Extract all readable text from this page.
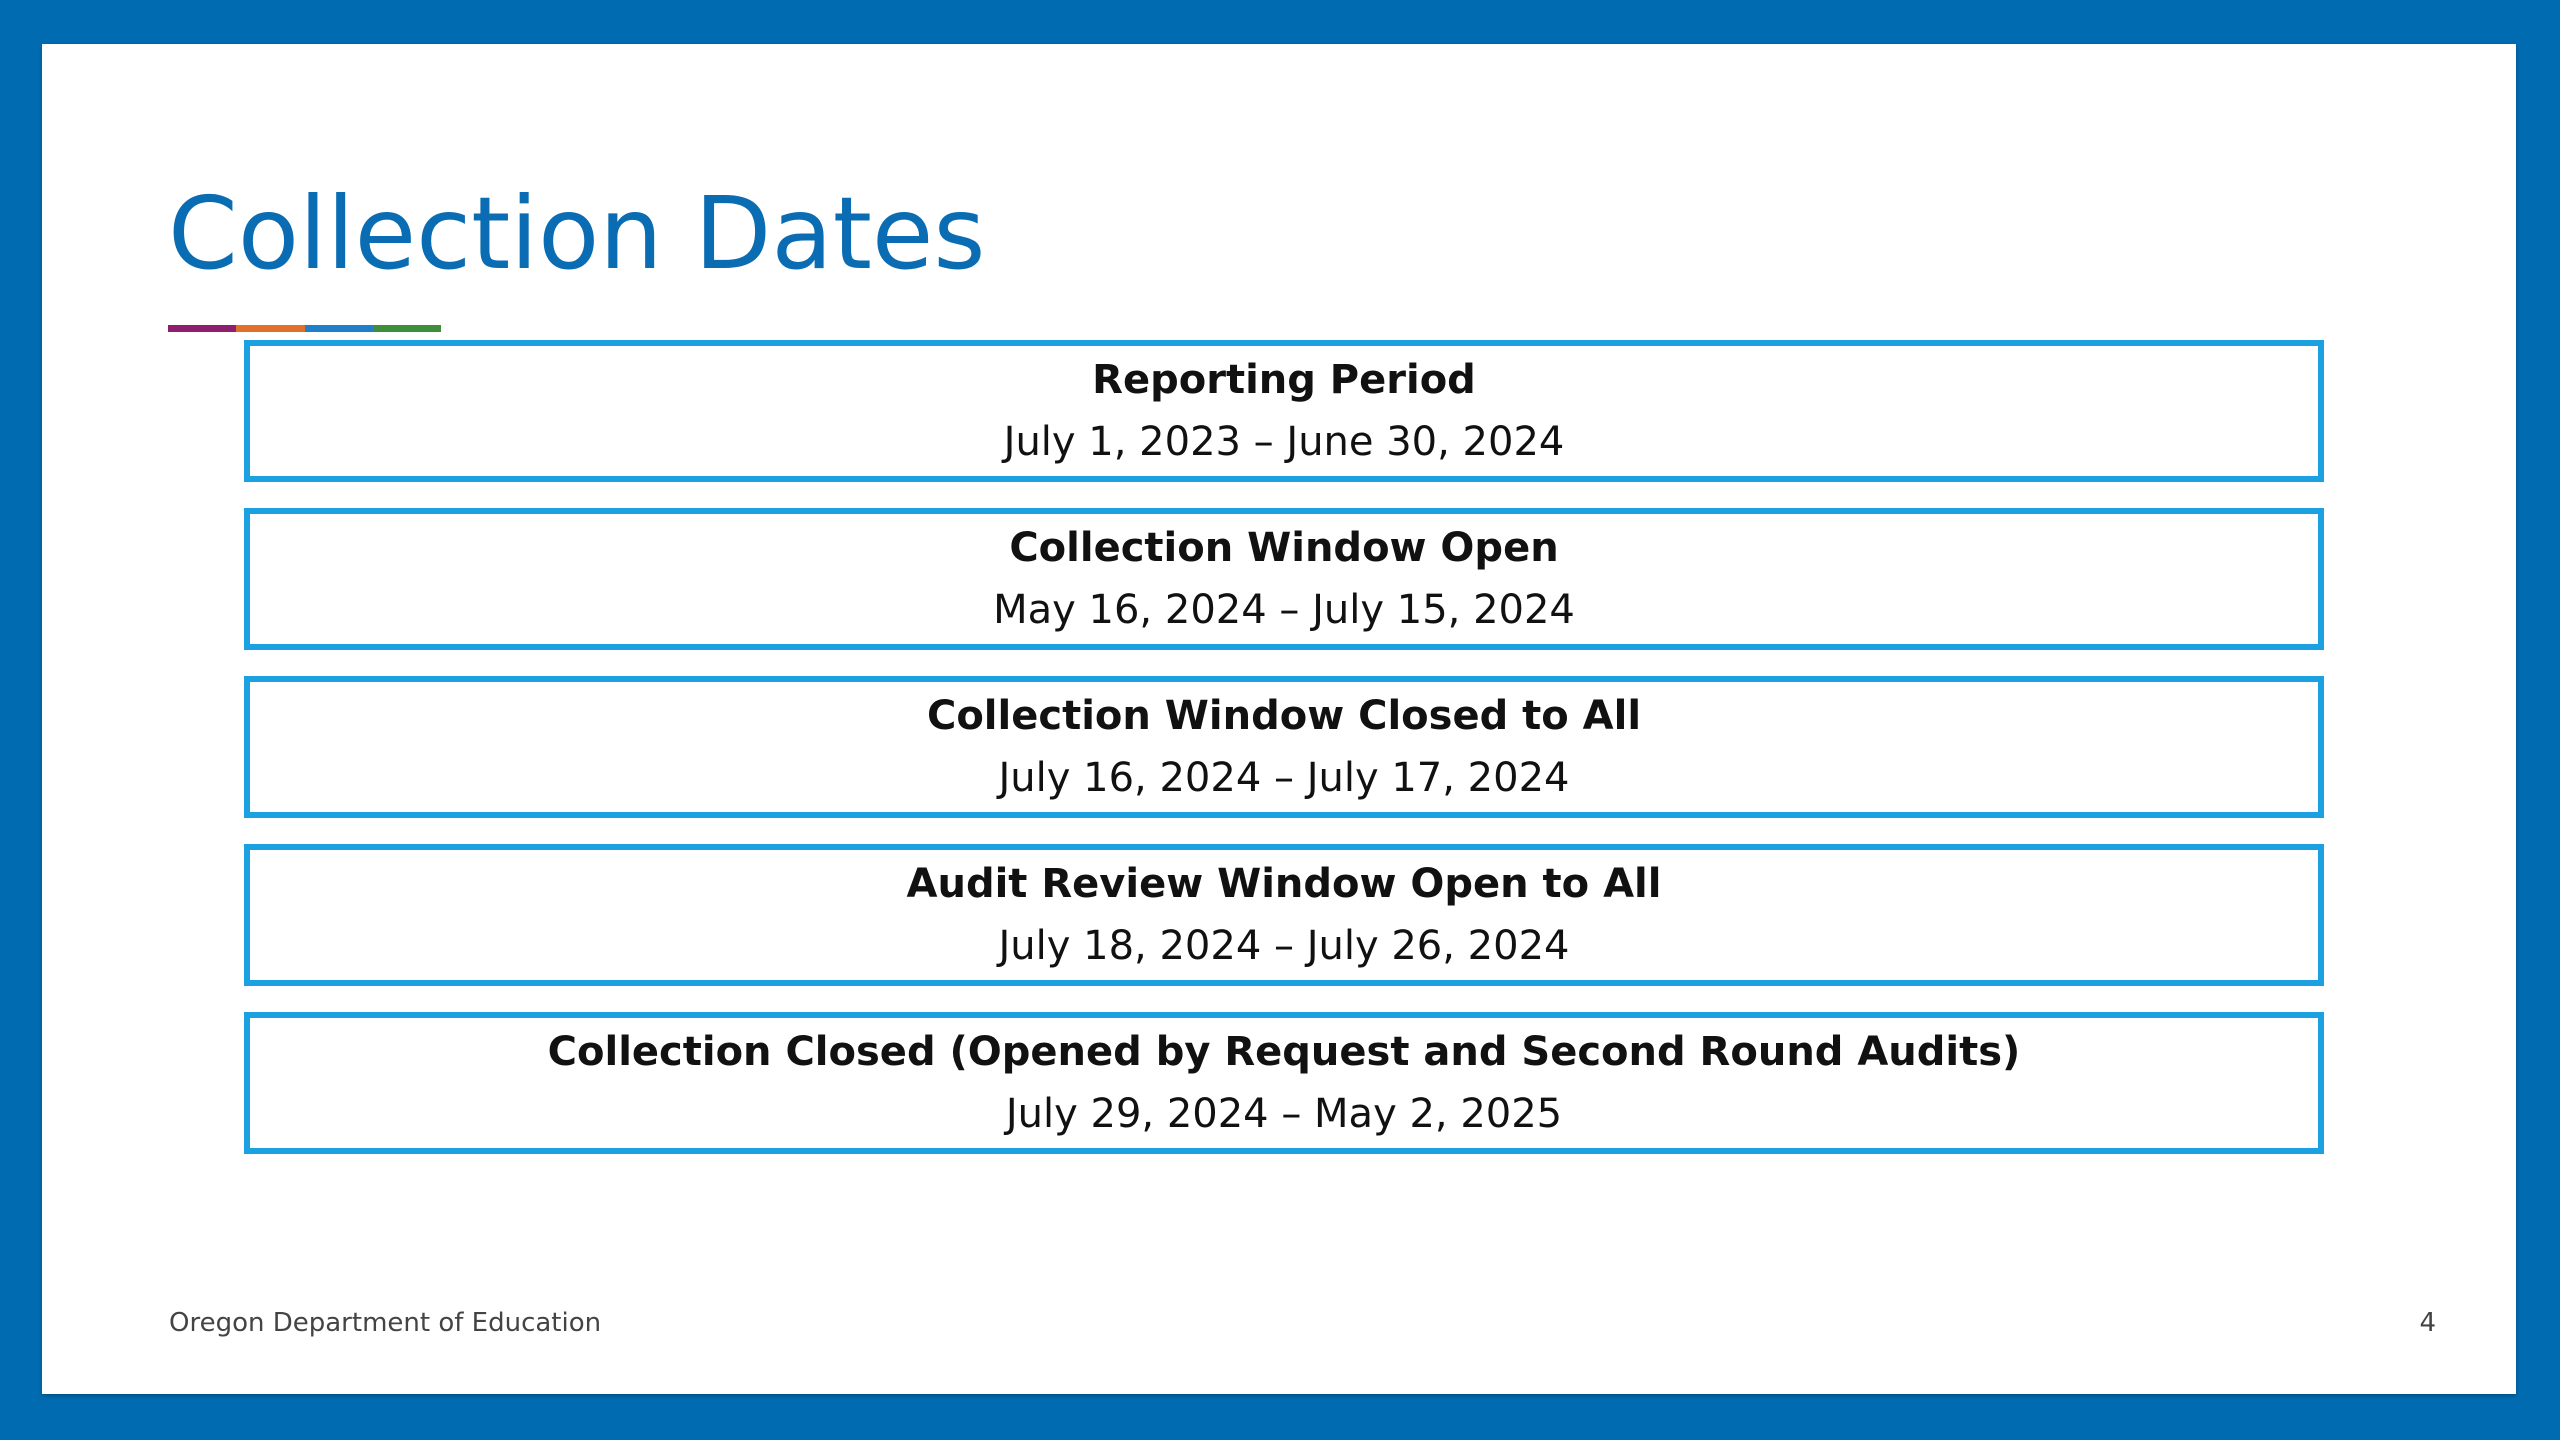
Collection Dates
Reporting Period
July 1, 2023 – June 30, 2024
Collection Window Open
May 16, 2024 – July 15, 2024
Collection Window Closed to All
July 16, 2024 – July 17, 2024
Audit Review Window Open to All
July 18, 2024 – July 26, 2024
Collection Closed (Opened by Request and Second Round Audits)
July 29, 2024 – May 2, 2025
Oregon Department of Education	4
